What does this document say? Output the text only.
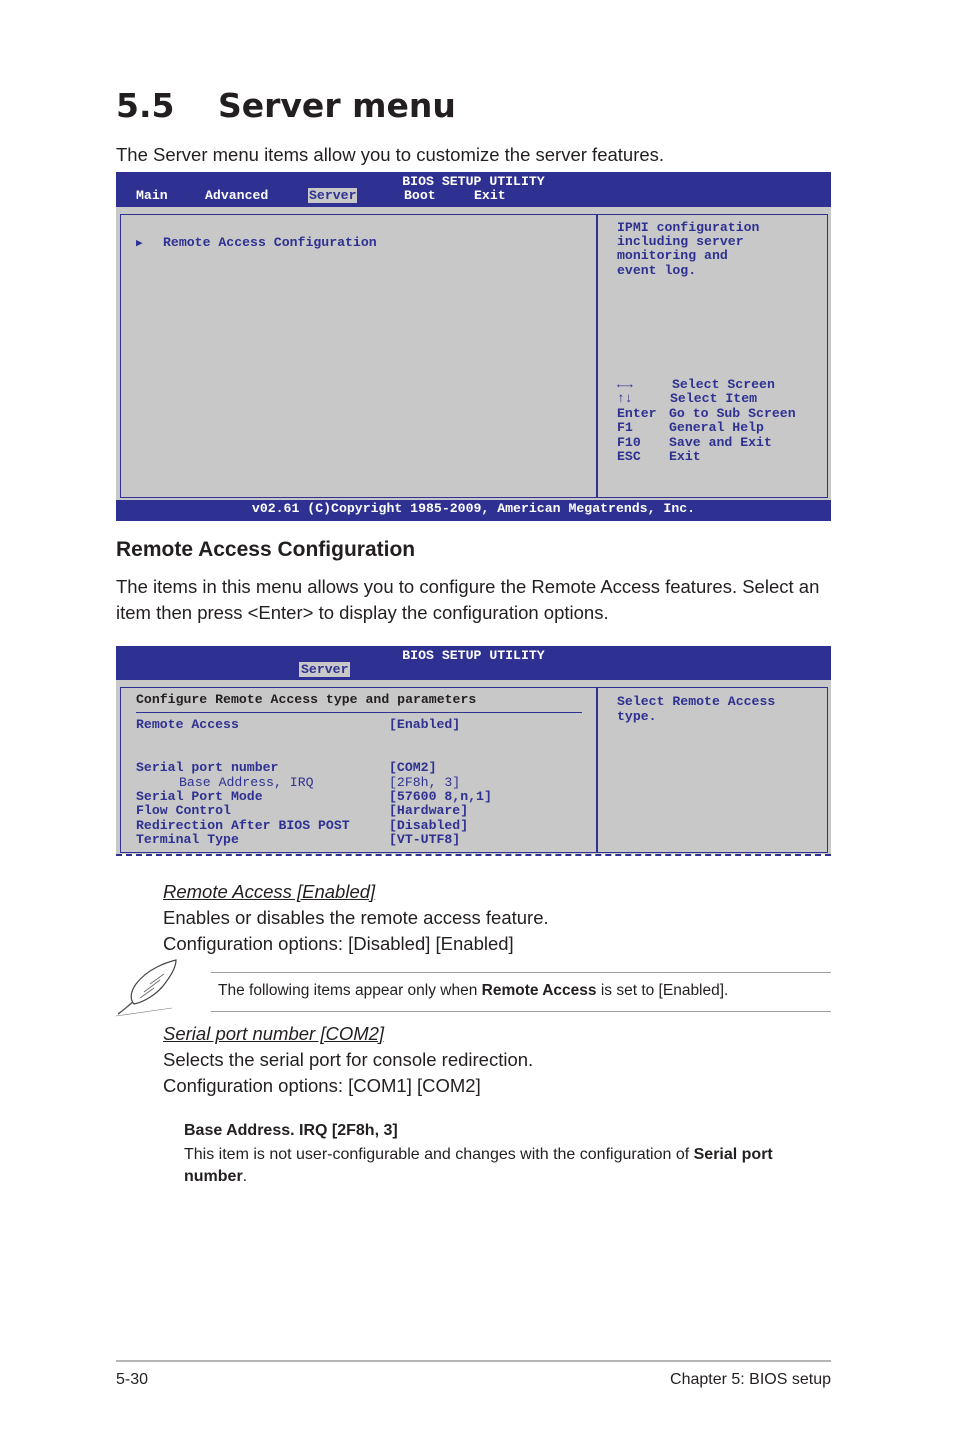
5.5 Server menu
The Server menu items allow you to customize the server features.
BIOS SETUP UTILITY
Main	Advanced	Server	Boot	Exit
▶ Remote Access Configuration
IPMI configuration
including server
monitoring and
event log.
←→	Select Screen
↑↓	Select Item
Enter Go to Sub Screen
F1	General Help
F10 Save and Exit
ESC Exit
v02.61 (C)Copyright 1985-2009, American Megatrends, Inc.
Remote Access Configuration
The items in this menu allows you to configure the Remote Access features. Select an item then press <Enter> to display the configuration options.
BIOS SETUP UTILITY
Server
Configure Remote Access type and parameters
Remote Access	[Enabled]
Serial port number	[COM2]
Base Address, IRQ	[2F8h, 3]
Serial Port Mode	[57600 8,n,1]
Flow Control	[Hardware]
Redirection After BIOS POST	[Disabled]
Terminal Type	[VT-UTF8]
Select Remote Access
type.
Remote Access [Enabled]
Enables or disables the remote access feature.
Configuration options: [Disabled] [Enabled]
The following items appear only when Remote Access is set to [Enabled].
Serial port number [COM2]
Selects the serial port for console redirection.
Configuration options: [COM1] [COM2]
Base Address. IRQ [2F8h, 3]
This item is not user-configurable and changes with the configuration of Serial port number.
5-30	Chapter 5: BIOS setup
